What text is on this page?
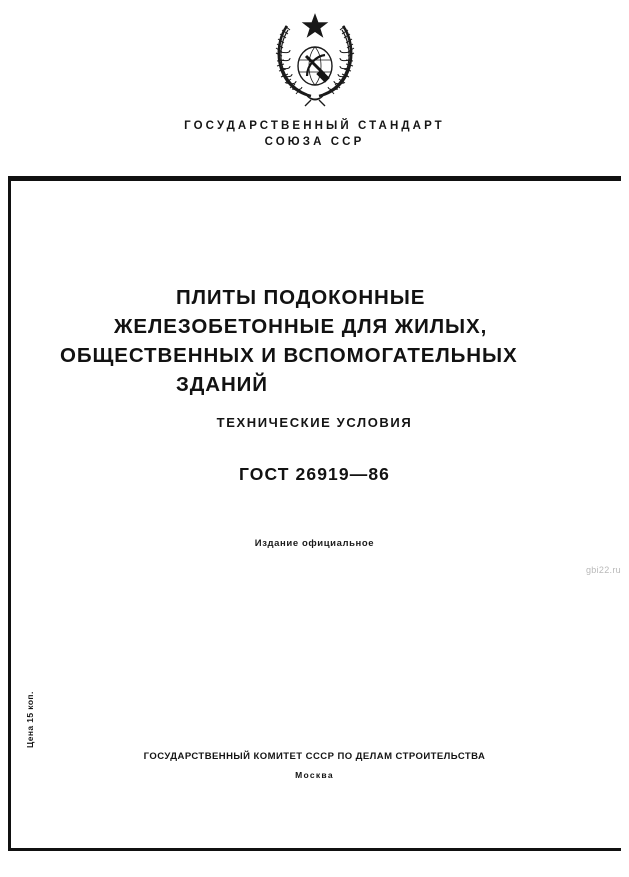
ГОСУДАРСТВЕННЫЙ СТАНДАРТ
СОЮЗА ССР
ПЛИТЫ ПОДОКОННЫЕ
ЖЕЛЕЗОБЕТОННЫЕ ДЛЯ ЖИЛЫХ,
ОБЩЕСТВЕННЫХ И ВСПОМОГАТЕЛЬНЫХ
ЗДАНИЙ
ТЕХНИЧЕСКИЕ УСЛОВИЯ
ГОСТ 26919—86
Издание официальное
gbi22.ru
Цена 15 коп.
ГОСУДАРСТВЕННЫЙ КОМИТЕТ СССР ПО ДЕЛАМ СТРОИТЕЛЬСТВА
Москва
